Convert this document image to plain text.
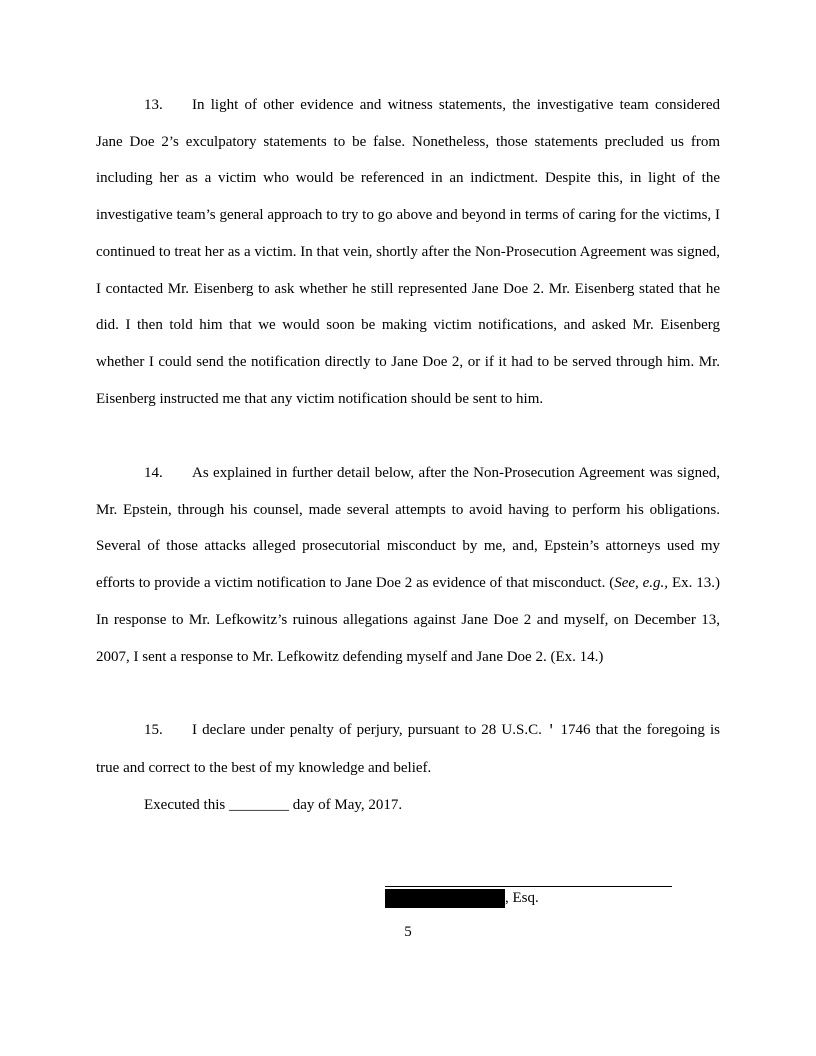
13. In light of other evidence and witness statements, the investigative team considered Jane Doe 2’s exculpatory statements to be false. Nonetheless, those statements precluded us from including her as a victim who would be referenced in an indictment. Despite this, in light of the investigative team’s general approach to try to go above and beyond in terms of caring for the victims, I continued to treat her as a victim. In that vein, shortly after the Non-Prosecution Agreement was signed, I contacted Mr. Eisenberg to ask whether he still represented Jane Doe 2. Mr. Eisenberg stated that he did. I then told him that we would soon be making victim notifications, and asked Mr. Eisenberg whether I could send the notification directly to Jane Doe 2, or if it had to be served through him. Mr. Eisenberg instructed me that any victim notification should be sent to him.

14. As explained in further detail below, after the Non-Prosecution Agreement was signed, Mr. Epstein, through his counsel, made several attempts to avoid having to perform his obligations. Several of those attacks alleged prosecutorial misconduct by me, and, Epstein’s attorneys used my efforts to provide a victim notification to Jane Doe 2 as evidence of that misconduct. (See, e.g., Ex. 13.) In response to Mr. Lefkowitz’s ruinous allegations against Jane Doe 2 and myself, on December 13, 2007, I sent a response to Mr. Lefkowitz defending myself and Jane Doe 2. (Ex. 14.)

15. I declare under penalty of perjury, pursuant to 28 U.S.C. ' 1746 that the foregoing is true and correct to the best of my knowledge and belief.

Executed this ________ day of May, 2017.

, Esq.
5
